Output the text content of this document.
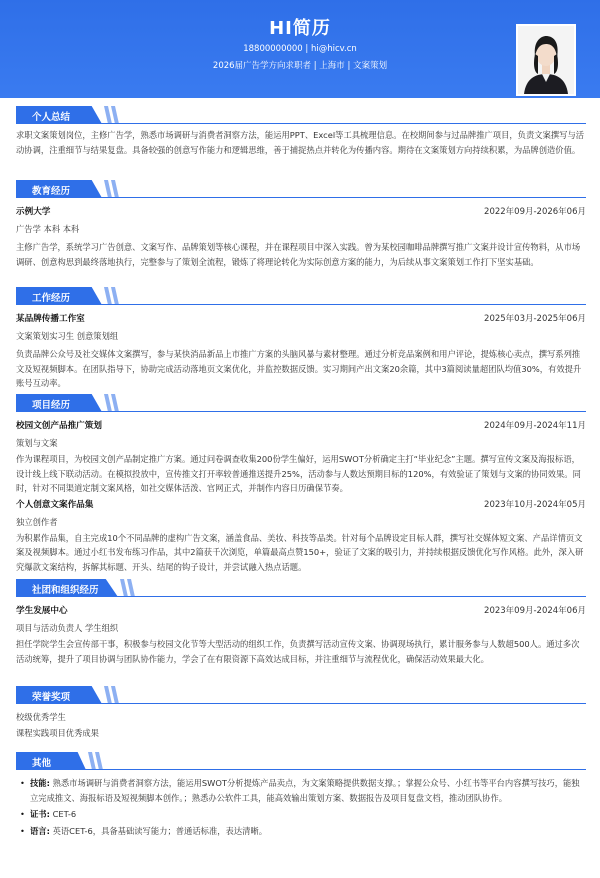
HI简历
18800000000 | hi@hicv.cn
2026届广告学方向求职者 | 上海市 | 文案策划
个人总结
求职文案策划岗位，主修广告学，熟悉市场调研与消费者洞察方法，能运用PPT、Excel等工具梳理信息。在校期间参与过品牌推广项目，负责文案撰写与活动协调，注重细节与结果复盘。具备较强的创意写作能力和逻辑思维，善于捕捉热点并转化为传播内容。期待在文案策划方向持续积累，为品牌创造价值。
教育经历
示例大学	2022年09月-2026年06月
广告学 本科 本科
主修广告学，系统学习广告创意、文案写作、品牌策划等核心课程，并在课程项目中深入实践。曾为某校园咖啡品牌撰写推广文案并设计宣传物料，从市场调研、创意构思到最终落地执行，完整参与了策划全流程，锻炼了将理论转化为实际创意方案的能力，为后续从事文案策划工作打下坚实基础。
工作经历
某品牌传播工作室	2025年03月-2025年06月
文案策划实习生 创意策划组
负责品牌公众号及社交媒体文案撰写，参与某快消品新品上市推广方案的头脑风暴与素材整理。通过分析竞品案例和用户评论，提炼核心卖点，撰写系列推文及短视频脚本。在团队指导下，协助完成活动落地页文案优化，并监控数据反馈。实习期间产出文案20余篇，其中3篇阅读量超团队均值30%，有效提升账号互动率。
项目经历
校园文创产品推广策划	2024年09月-2024年11月
策划与文案
作为课程项目，为校园文创产品制定推广方案。通过问卷调查收集200份学生偏好，运用SWOT分析确定主打“毕业纪念”主题。撰写宣传文案及海报标语，设计线上线下联动活动。在模拟投放中，宣传推文打开率较普通推送提升25%，活动参与人数达预期目标的120%，有效验证了策划与文案的协同效果。同时，针对不同渠道定制文案风格，如社交媒体活泼、官网正式，并制作内容日历确保节奏。
个人创意文案作品集	2023年10月-2024年05月
独立创作者
为积累作品集，自主完成10个不同品牌的虚构广告文案，涵盖食品、美妆、科技等品类。针对每个品牌设定目标人群，撰写社交媒体短文案、产品详情页文案及视频脚本。通过小红书发布练习作品，其中2篇获千次浏览，单篇最高点赞150+，验证了文案的吸引力，并持续根据反馈优化写作风格。此外，深入研究爆款文案结构，拆解其标题、开头、结尾的钩子设计，并尝试融入热点话题。
社团和组织经历
学生发展中心	2023年09月-2024年06月
项目与活动负责人 学生组织
担任学院学生会宣传部干事，积极参与校园文化节等大型活动的组织工作，负责撰写活动宣传文案、协调现场执行，累计服务参与人数超500人。通过多次活动统筹，提升了项目协调与团队协作能力，学会了在有限资源下高效达成目标，并注重细节与流程优化，确保活动效果最大化。
荣誉奖项
校级优秀学生
课程实践项目优秀成果
其他
• 技能: 熟悉市场调研与消费者洞察方法，能运用SWOT分析提炼产品卖点，为文案策略提供数据支撑。；掌握公众号、小红书等平台内容撰写技巧，能独立完成推文、海报标语及短视频脚本创作。；熟悉办公软件工具，能高效输出策划方案、数据报告及项目复盘文档，推动团队协作。
• 证书: CET-6
• 语言: 英语CET-6，具备基础读写能力；普通话标准，表达清晰。
